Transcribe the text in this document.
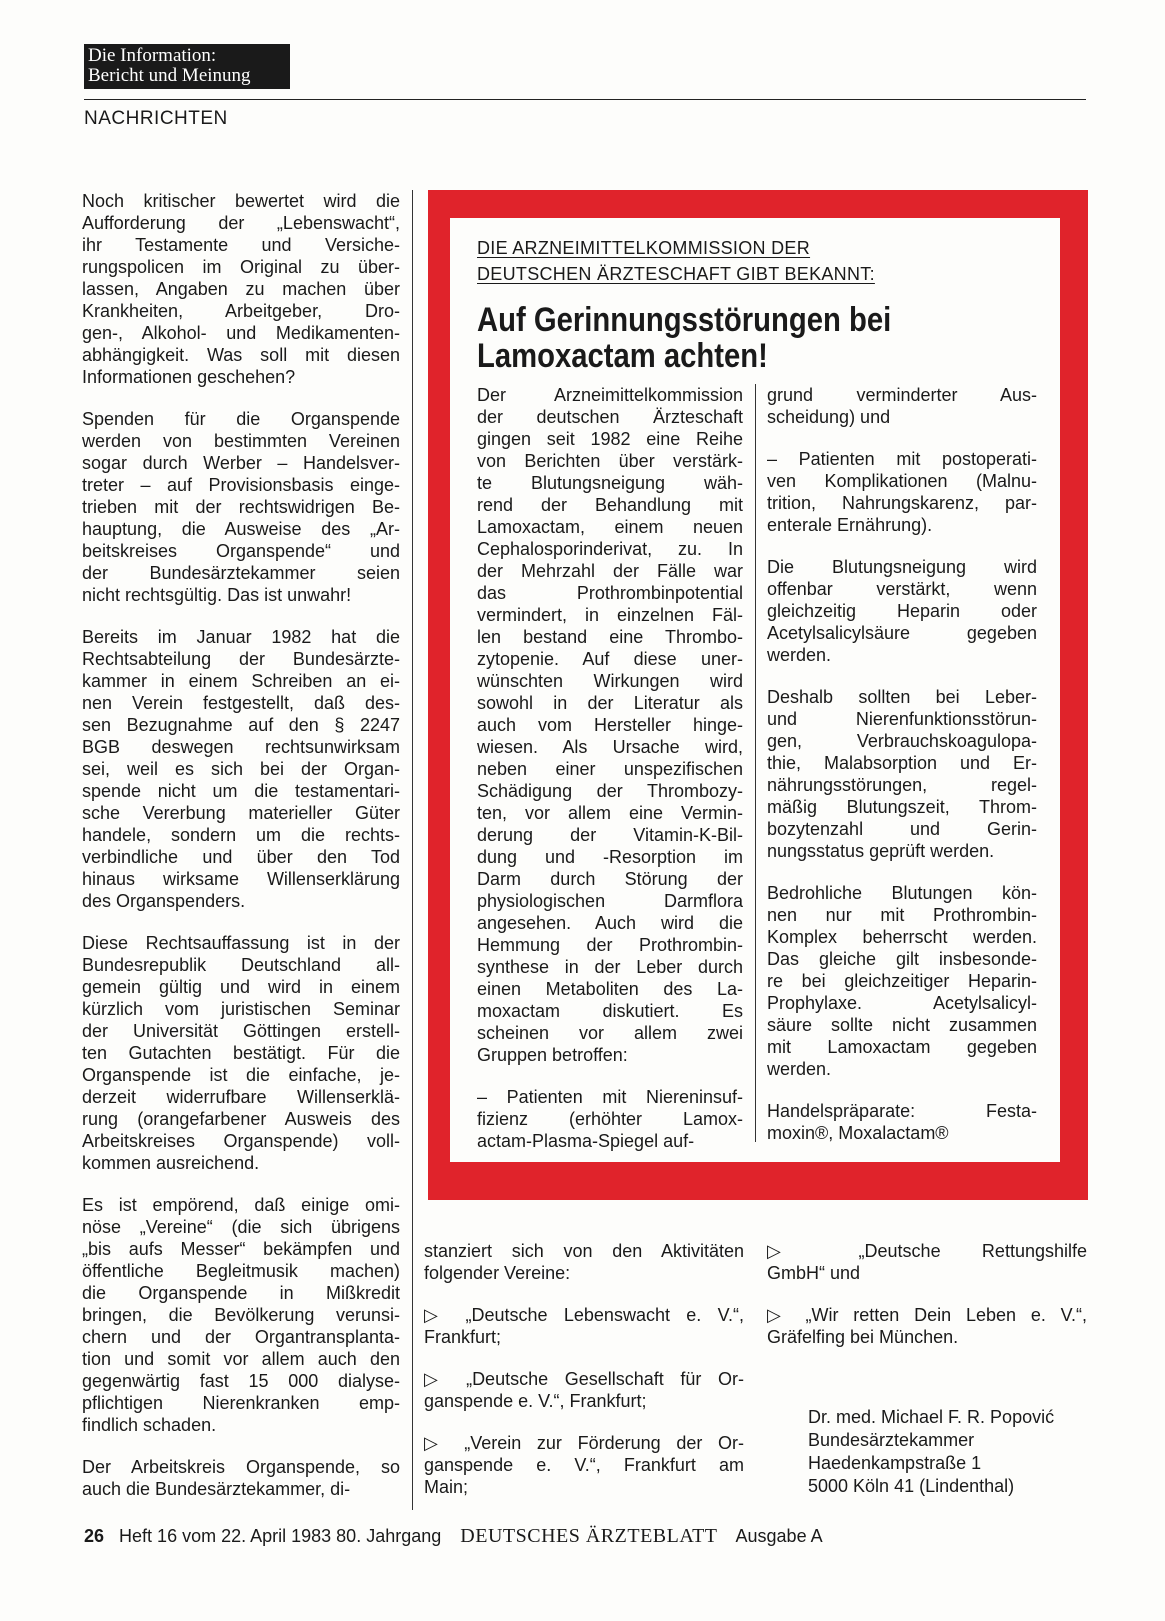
Die Information:
Bericht und Meinung
NACHRICHTEN

Noch kritischer bewertet wird die
Aufforderung der „Lebenswacht“,
ihr Testamente und Versiche-
rungspolicen im Original zu über-
lassen, Angaben zu machen über
Krankheiten, Arbeitgeber, Dro-
gen-, Alkohol- und Medikamenten-
abhängigkeit. Was soll mit diesen
Informationen geschehen?

Spenden für die Organspende
werden von bestimmten Vereinen
sogar durch Werber – Handelsver-
treter – auf Provisionsbasis einge-
trieben mit der rechtswidrigen Be-
hauptung, die Ausweise des „Ar-
beitskreises Organspende“ und
der Bundesärztekammer seien
nicht rechtsgültig. Das ist unwahr!

Bereits im Januar 1982 hat die
Rechtsabteilung der Bundesärzte-
kammer in einem Schreiben an ei-
nen Verein festgestellt, daß des-
sen Bezugnahme auf den § 2247
BGB deswegen rechtsunwirksam
sei, weil es sich bei der Organ-
spende nicht um die testamentari-
sche Vererbung materieller Güter
handele, sondern um die rechts-
verbindliche und über den Tod
hinaus wirksame Willenserklärung
des Organspenders.

Diese Rechtsauffassung ist in der
Bundesrepublik Deutschland all-
gemein gültig und wird in einem
kürzlich vom juristischen Seminar
der Universität Göttingen erstell-
ten Gutachten bestätigt. Für die
Organspende ist die einfache, je-
derzeit widerrufbare Willenserklä-
rung (orangefarbener Ausweis des
Arbeitskreises Organspende) voll-
kommen ausreichend.

Es ist empörend, daß einige omi-
nöse „Vereine“ (die sich übrigens
„bis aufs Messer“ bekämpfen und
öffentliche Begleitmusik machen)
die Organspende in Mißkredit
bringen, die Bevölkerung verunsi-
chern und der Organtransplanta-
tion und somit vor allem auch den
gegenwärtig fast 15 000 dialyse-
pflichtigen Nierenkranken emp-
findlich schaden.

Der Arbeitskreis Organspende, so
auch die Bundesärztekammer, di-

DIE ARZNEIMITTELKOMMISSION DER
DEUTSCHEN ÄRZTESCHAFT GIBT BEKANNT:
Auf Gerinnungsstörungen bei
Lamoxactam achten!

Der Arzneimittelkommission
der deutschen Ärzteschaft
gingen seit 1982 eine Reihe
von Berichten über verstärk-
te Blutungsneigung wäh-
rend der Behandlung mit
Lamoxactam, einem neuen
Cephalosporinderivat, zu. In
der Mehrzahl der Fälle war
das Prothrombinpotential
vermindert, in einzelnen Fäl-
len bestand eine Thrombo-
zytopenie. Auf diese uner-
wünschten Wirkungen wird
sowohl in der Literatur als
auch vom Hersteller hinge-
wiesen. Als Ursache wird,
neben einer unspezifischen
Schädigung der Thrombozy-
ten, vor allem eine Vermin-
derung der Vitamin-K-Bil-
dung und -Resorption im
Darm durch Störung der
physiologischen Darmflora
angesehen. Auch wird die
Hemmung der Prothrombin-
synthese in der Leber durch
einen Metaboliten des La-
moxactam diskutiert. Es
scheinen vor allem zwei
Gruppen betroffen:

– Patienten mit Niereninsuf-
fizienz (erhöhter Lamox-
actam-Plasma-Spiegel auf-

grund verminderter Aus-
scheidung) und

– Patienten mit postoperati-
ven Komplikationen (Malnu-
trition, Nahrungskarenz, par-
enterale Ernährung).

Die Blutungsneigung wird
offenbar verstärkt, wenn
gleichzeitig Heparin oder
Acetylsalicylsäure gegeben
werden.

Deshalb sollten bei Leber-
und Nierenfunktionsstörun-
gen, Verbrauchskoagulopa-
thie, Malabsorption und Er-
nährungsstörungen, regel-
mäßig Blutungszeit, Throm-
bozytenzahl und Gerin-
nungsstatus geprüft werden.

Bedrohliche Blutungen kön-
nen nur mit Prothrombin-
Komplex beherrscht werden.
Das gleiche gilt insbesonde-
re bei gleichzeitiger Heparin-
Prophylaxe. Acetylsalicyl-
säure sollte nicht zusammen
mit Lamoxactam gegeben
werden.

Handelspräparate: Festa-
moxin®, Moxalactam®

stanziert sich von den Aktivitäten
folgender Vereine:

▷ „Deutsche Lebenswacht e. V.“,
Frankfurt;

▷ „Deutsche Gesellschaft für Or-
ganspende e. V.“, Frankfurt;

▷ „Verein zur Förderung der Or-
ganspende e. V.“, Frankfurt am
Main;

▷ „Deutsche Rettungshilfe
GmbH“ und

▷ „Wir retten Dein Leben e. V.“,
Gräfelfing bei München.

Dr. med. Michael F. R. Popović
Bundesärztekammer
Haedenkampstraße 1
5000 Köln 41 (Lindenthal)
26 Heft 16 vom 22. April 1983 80. Jahrgang DEUTSCHES ÄRZTEBLATT Ausgabe A
